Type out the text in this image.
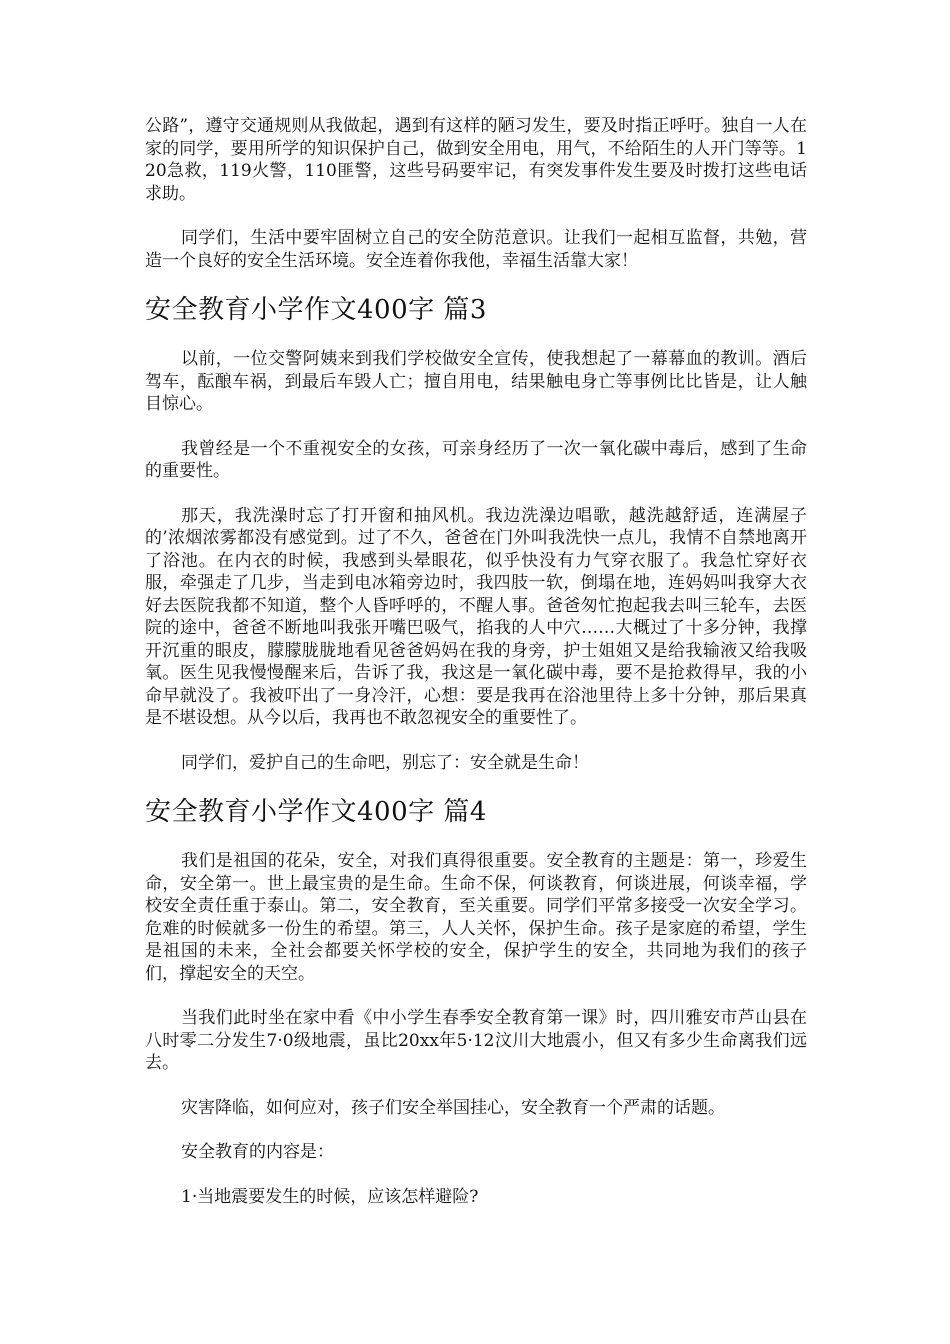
公路”，遵守交通规则从我做起，遇到有这样的陋习发生，要及时指正呼吁。独自一人在家的同学，要用所学的知识保护自己，做到安全用电，用气，不给陌生的人开门等等。120急救，119火警，110匪警，这些号码要牢记，有突发事件发生要及时拨打这些电话求助。

同学们，生活中要牢固树立自己的安全防范意识。让我们一起相互监督，共勉，营造一个良好的安全生活环境。安全连着你我他，幸福生活靠大家！

安全教育小学作文400字 篇3

以前，一位交警阿姨来到我们学校做安全宣传，使我想起了一幕幕血的教训。酒后驾车，酝酿车祸，到最后车毁人亡；擅自用电，结果触电身亡等事例比比皆是，让人触目惊心。

我曾经是一个不重视安全的女孩，可亲身经历了一次一氧化碳中毒后，感到了生命的重要性。

那天，我洗澡时忘了打开窗和抽风机。我边洗澡边唱歌，越洗越舒适，连满屋子的’浓烟浓雾都没有感觉到。过了不久，爸爸在门外叫我洗快一点儿，我情不自禁地离开了浴池。在内衣的时候，我感到头晕眼花，似乎快没有力气穿衣服了。我急忙穿好衣服，牵强走了几步，当走到电冰箱旁边时，我四肢一软，倒塌在地，连妈妈叫我穿大衣好去医院我都不知道，整个人昏呼呼的，不醒人事。爸爸匆忙抱起我去叫三轮车，去医院的途中，爸爸不断地叫我张开嘴巴吸气，掐我的人中穴……大概过了十多分钟，我撑开沉重的眼皮，朦朦胧胧地看见爸爸妈妈在我的身旁，护士姐姐又是给我输液又给我吸氧。医生见我慢慢醒来后，告诉了我，我这是一氧化碳中毒，要不是抢救得早，我的小命早就没了。我被吓出了一身冷汗，心想：要是我再在浴池里待上多十分钟，那后果真是不堪设想。从今以后，我再也不敢忽视安全的重要性了。

同学们，爱护自己的生命吧，别忘了：安全就是生命！

安全教育小学作文400字 篇4

我们是祖国的花朵，安全，对我们真得很重要。安全教育的主题是：第一，珍爱生命，安全第一。世上最宝贵的是生命。生命不保，何谈教育，何谈进展，何谈幸福，学校安全责任重于泰山。第二，安全教育，至关重要。同学们平常多接受一次安全学习。危难的时候就多一份生的希望。第三，人人关怀，保护生命。孩子是家庭的希望，学生是祖国的未来，全社会都要关怀学校的安全，保护学生的安全，共同地为我们的孩子们，撑起安全的天空。

当我们此时坐在家中看《中小学生春季安全教育第一课》时，四川雅安市芦山县在八时零二分发生7·0级地震，虽比20xx年5·12汶川大地震小，但又有多少生命离我们远去。

灾害降临，如何应对，孩子们安全举国挂心，安全教育一个严肃的话题。

安全教育的内容是：

1·当地震要发生的时候，应该怎样避险?
